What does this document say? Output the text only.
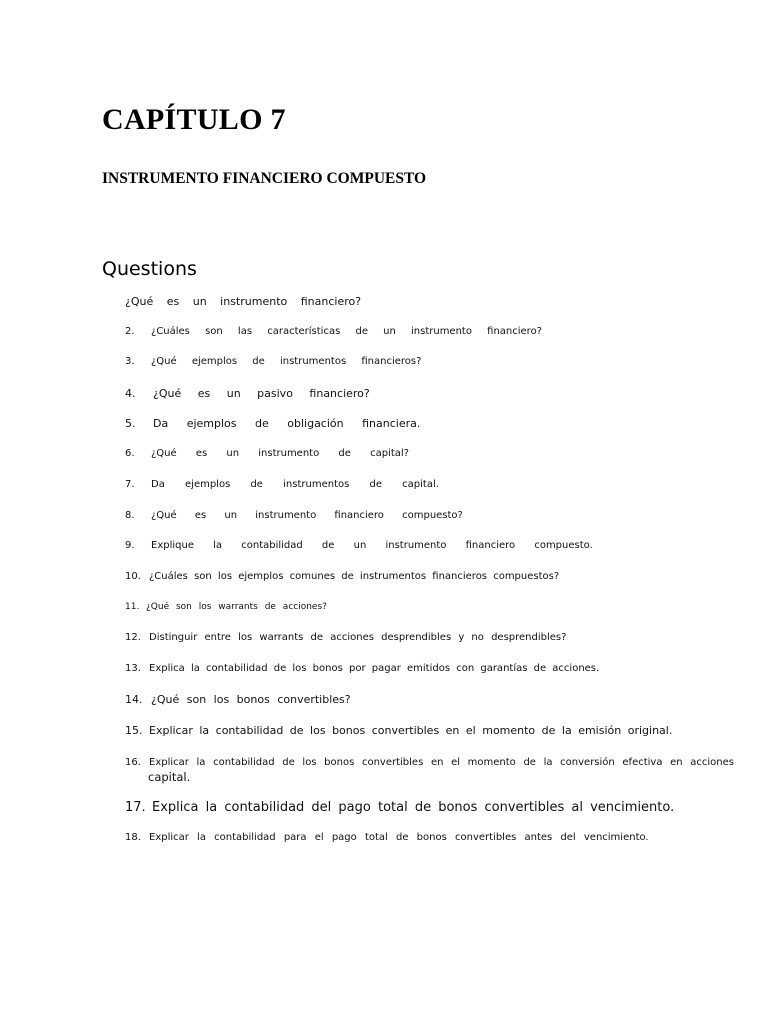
CAPÍTULO 7
INSTRUMENTO FINANCIERO COMPUESTO
Questions

¿Qué es un instrumento financiero?

2. ¿Cuáles son las características de un instrumento financiero?

3. ¿Qué ejemplos de instrumentos financieros?

4. ¿Qué es un pasivo financiero?

5. Da ejemplos de obligación financiera.

6. ¿Qué es un instrumento de capital?

7. Da ejemplos de instrumentos de capital.

8. ¿Qué es un instrumento financiero compuesto?

9. Explique la contabilidad de un instrumento financiero compuesto.

10. ¿Cuáles son los ejemplos comunes de instrumentos financieros compuestos?

11. ¿Qué son los warrants de acciones?

12. Distinguir entre los warrants de acciones desprendibles y no desprendibles?

13. Explica la contabilidad de los bonos por pagar emitidos con garantías de acciones.

14. ¿Qué son los bonos convertibles?

15. Explicar la contabilidad de los bonos convertibles en el momento de la emisión original.

16. Explicar la contabilidad de los bonos convertibles en el momento de la conversión efectiva en acciones
capital.

17. Explica la contabilidad del pago total de bonos convertibles al vencimiento.

18. Explicar la contabilidad para el pago total de bonos convertibles antes del vencimiento.
